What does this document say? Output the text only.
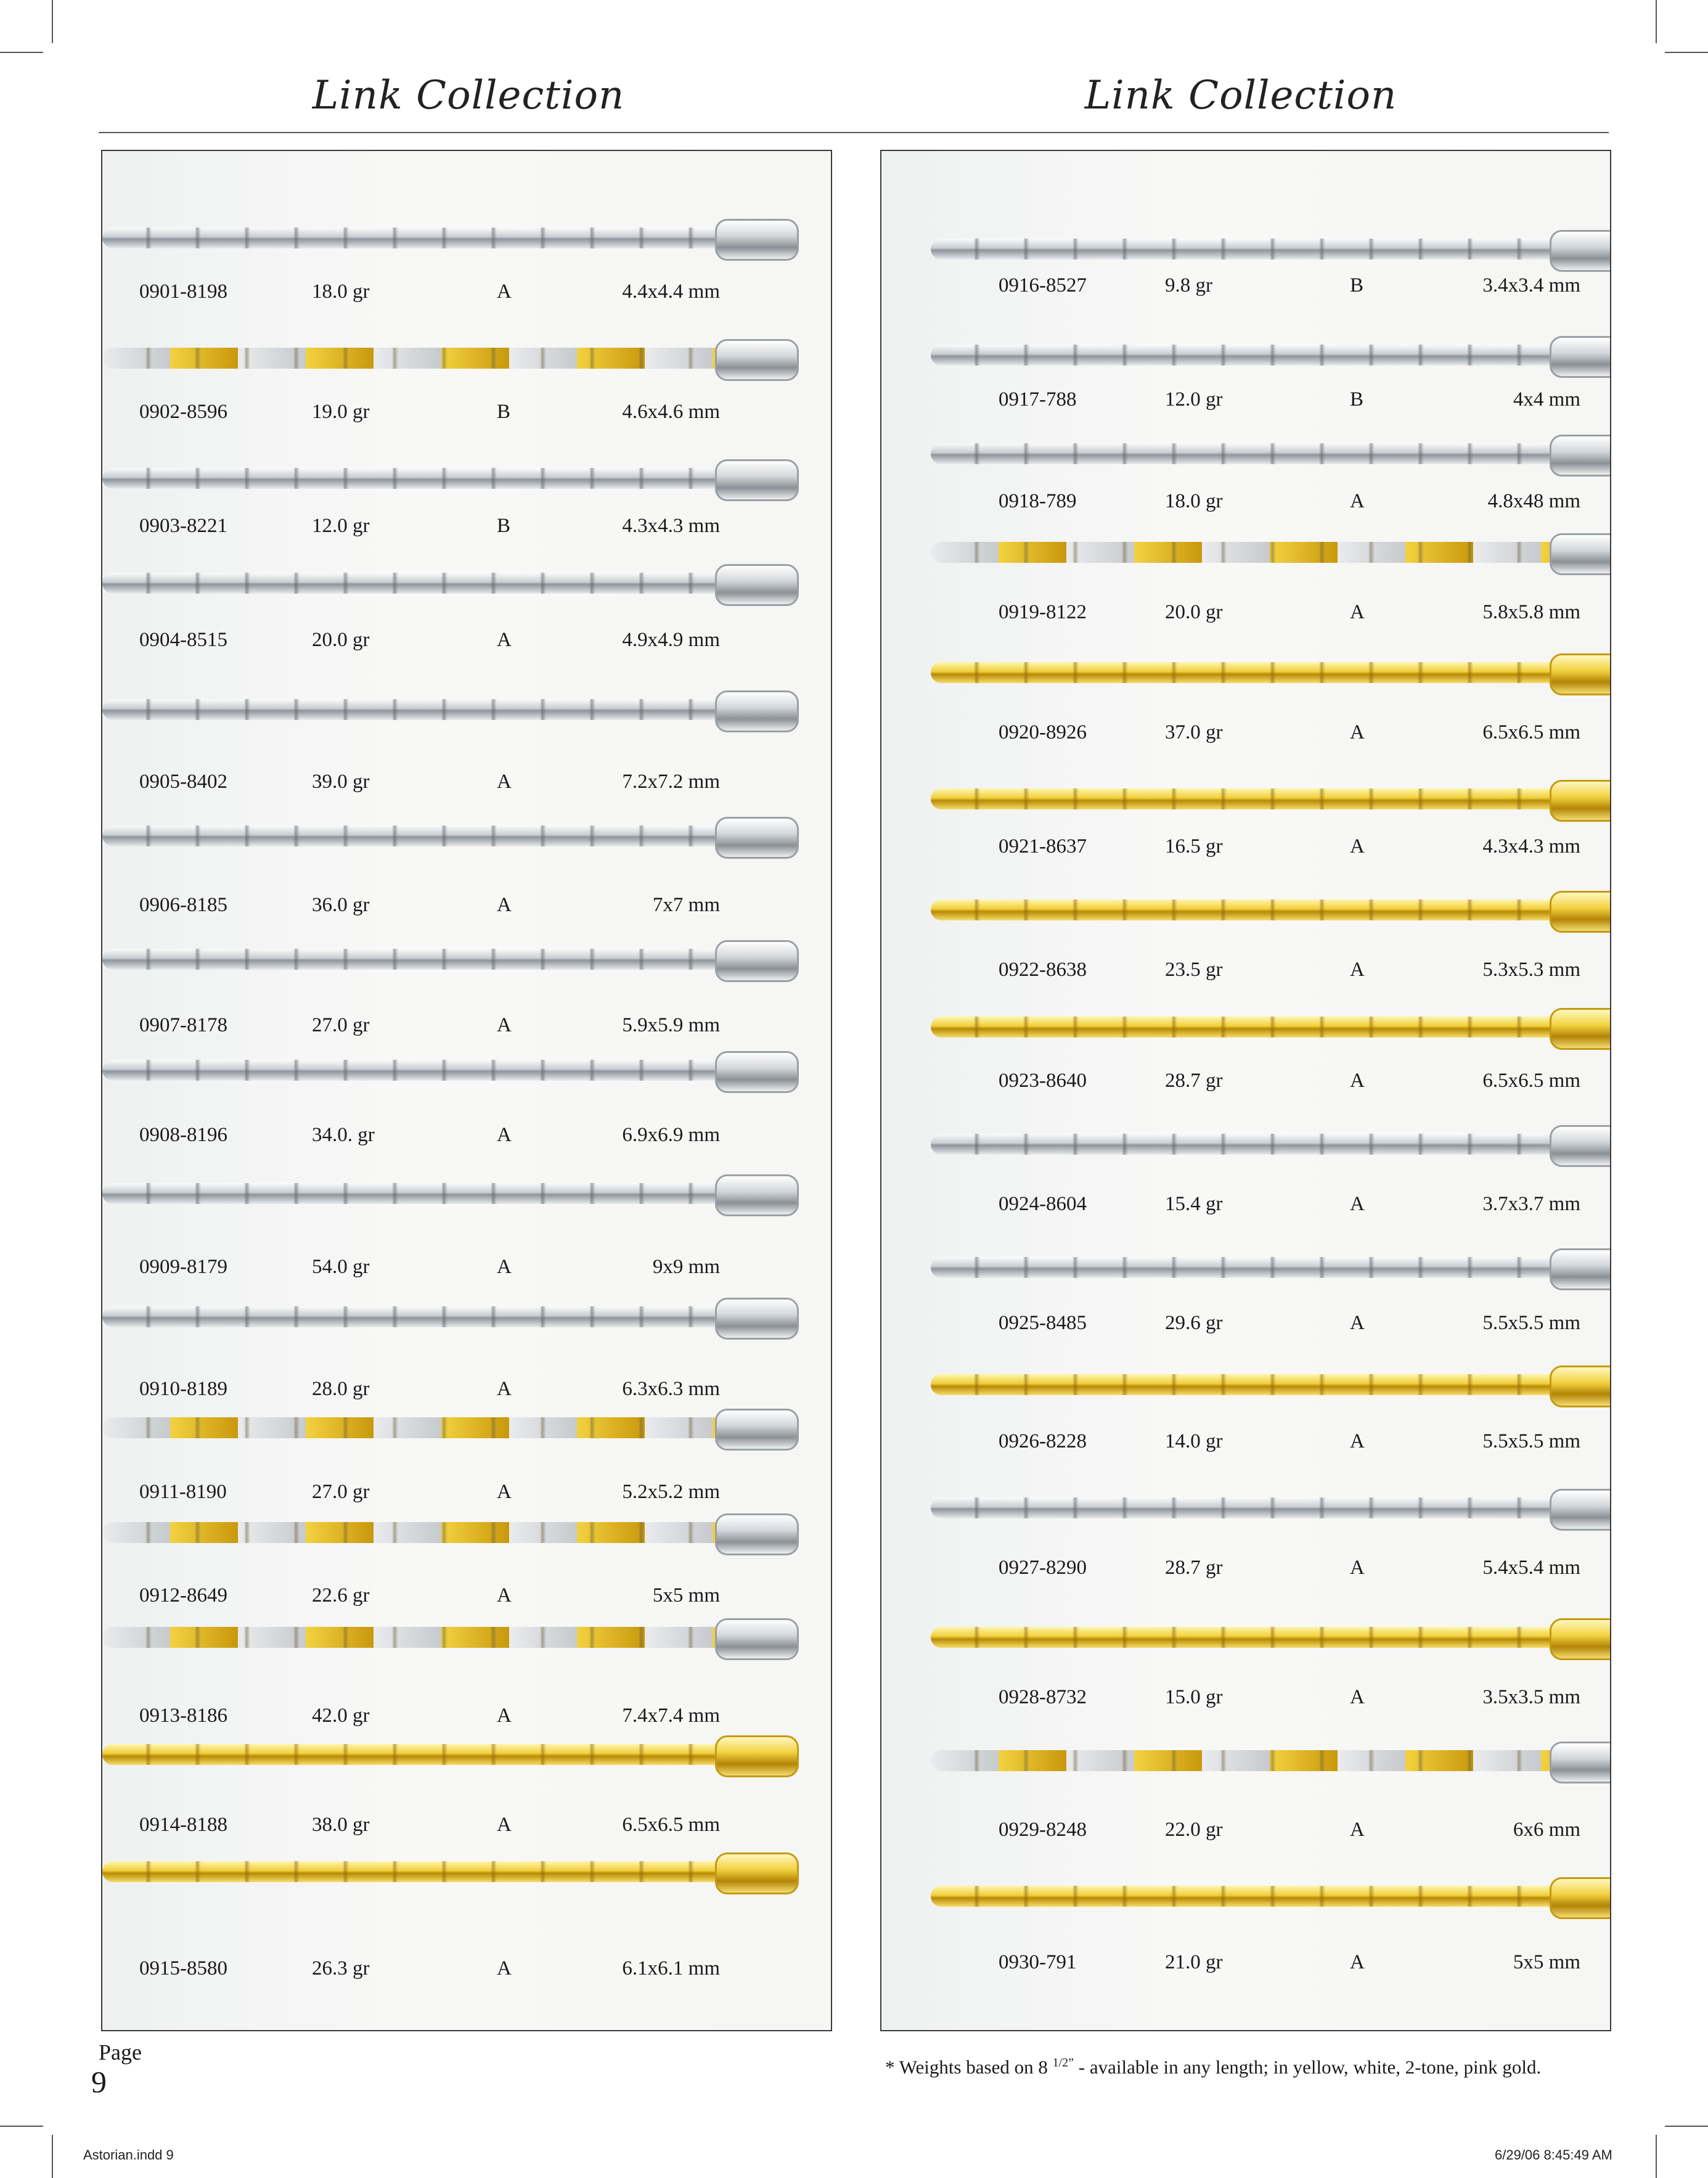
Link Collection	Link Collection
0901-8198	18.0 gr	A	4.4x4.4 mm
0902-8596	19.0 gr	B	4.6x4.6 mm
0903-8221	12.0 gr	B	4.3x4.3 mm
0904-8515	20.0 gr	A	4.9x4.9 mm
0905-8402	39.0 gr	A	7.2x7.2 mm
0906-8185	36.0 gr	A	7x7 mm
0907-8178	27.0 gr	A	5.9x5.9 mm
0908-8196	34.0. gr	A	6.9x6.9 mm
0909-8179	54.0 gr	A	9x9 mm
0910-8189	28.0 gr	A	6.3x6.3 mm
0911-8190	27.0 gr	A	5.2x5.2 mm
0912-8649	22.6 gr	A	5x5 mm
0913-8186	42.0 gr	A	7.4x7.4 mm
0914-8188	38.0 gr	A	6.5x6.5 mm
0915-8580	26.3 gr	A	6.1x6.1 mm
0916-8527	9.8 gr	B	3.4x3.4 mm
0917-788	12.0 gr	B	4x4 mm
0918-789	18.0 gr	A	4.8x48 mm
0919-8122	20.0 gr	A	5.8x5.8 mm
0920-8926	37.0 gr	A	6.5x6.5 mm
0921-8637	16.5 gr	A	4.3x4.3 mm
0922-8638	23.5 gr	A	5.3x5.3 mm
0923-8640	28.7 gr	A	6.5x6.5 mm
0924-8604	15.4 gr	A	3.7x3.7 mm
0925-8485	29.6 gr	A	5.5x5.5 mm
0926-8228	14.0 gr	A	5.5x5.5 mm
0927-8290	28.7 gr	A	5.4x5.4 mm
0928-8732	15.0 gr	A	3.5x3.5 mm
0929-8248	22.0 gr	A	6x6 mm
0930-791	21.0 gr	A	5x5 mm
Page
9	* Weights based on 8 $^{1/2”}$ - available in any length; in yellow, white, 2-tone, pink gold.
Astorian.indd 9	6/29/06 8:45:49 AM
